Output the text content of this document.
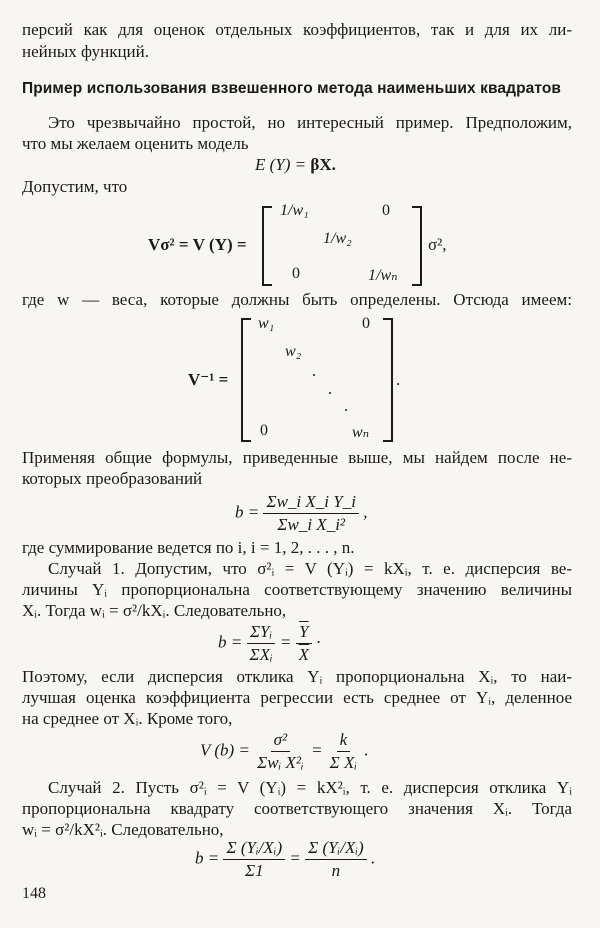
персий как для оценок отдельных коэффициентов, так и для их ли-
нейных функций.
Пример использования взвешенного метода наименьших квадратов
Это чрезвычайно простой, но интересный пример. Предположим,
что мы желаем оценить модель
E (Y) = βX.
Допустим, что
Vσ² = V (Y) =
1/w₁	0
1/w₂
0	1/wₙ
σ²,
где w — веса, которые должны быть определены. Отсюда имеем:
V⁻¹ =
w₁	0
w₂
0	wₙ
.
Применяя общие формулы, приведенные выше, мы найдем после не-
которых преобразований
$b = \frac{\text{Σw\_i X\_i Y\_i}}{\text{Σw\_i X\_i²}}$ ,
где суммирование ведется по i, i = 1, 2, . . . , n.
Случай 1. Допустим, что σ²ᵢ = V (Yᵢ) = kXᵢ, т. е. дисперсия ве-
личины Yᵢ пропорциональна соответствующему значению величины
Xᵢ. Тогда wᵢ = σ²/kXᵢ. Следовательно,
$b = \frac{\text{ΣYᵢ}}{\text{ΣXᵢ}} = \frac{\overline{Y}}{X}$ ·
Поэтому, если дисперсия отклика Yᵢ пропорциональна Xᵢ, то наи-
лучшая оценка коэффициента регрессии есть среднее от Yᵢ, деленное
на среднее от Xᵢ. Кроме того,
V $(b) = \frac{\text{σ²}}{\text{Σwᵢ X²ᵢ}} = \frac{k}{\text{Σ Xᵢ}}$ .
Случай 2. Пусть σ²ᵢ = V (Yᵢ) = kX²ᵢ, т. е. дисперсия отклика Yᵢ
пропорциональна квадрату соответствующего значения Xᵢ. Тогда
wᵢ = σ²/kX²ᵢ. Следовательно,
$b = \frac{\text{Σ (Yᵢ/Xᵢ)}}{\Sigma 1} = \frac{\text{Σ (Yᵢ/Xᵢ)}}{n}$ .
148
